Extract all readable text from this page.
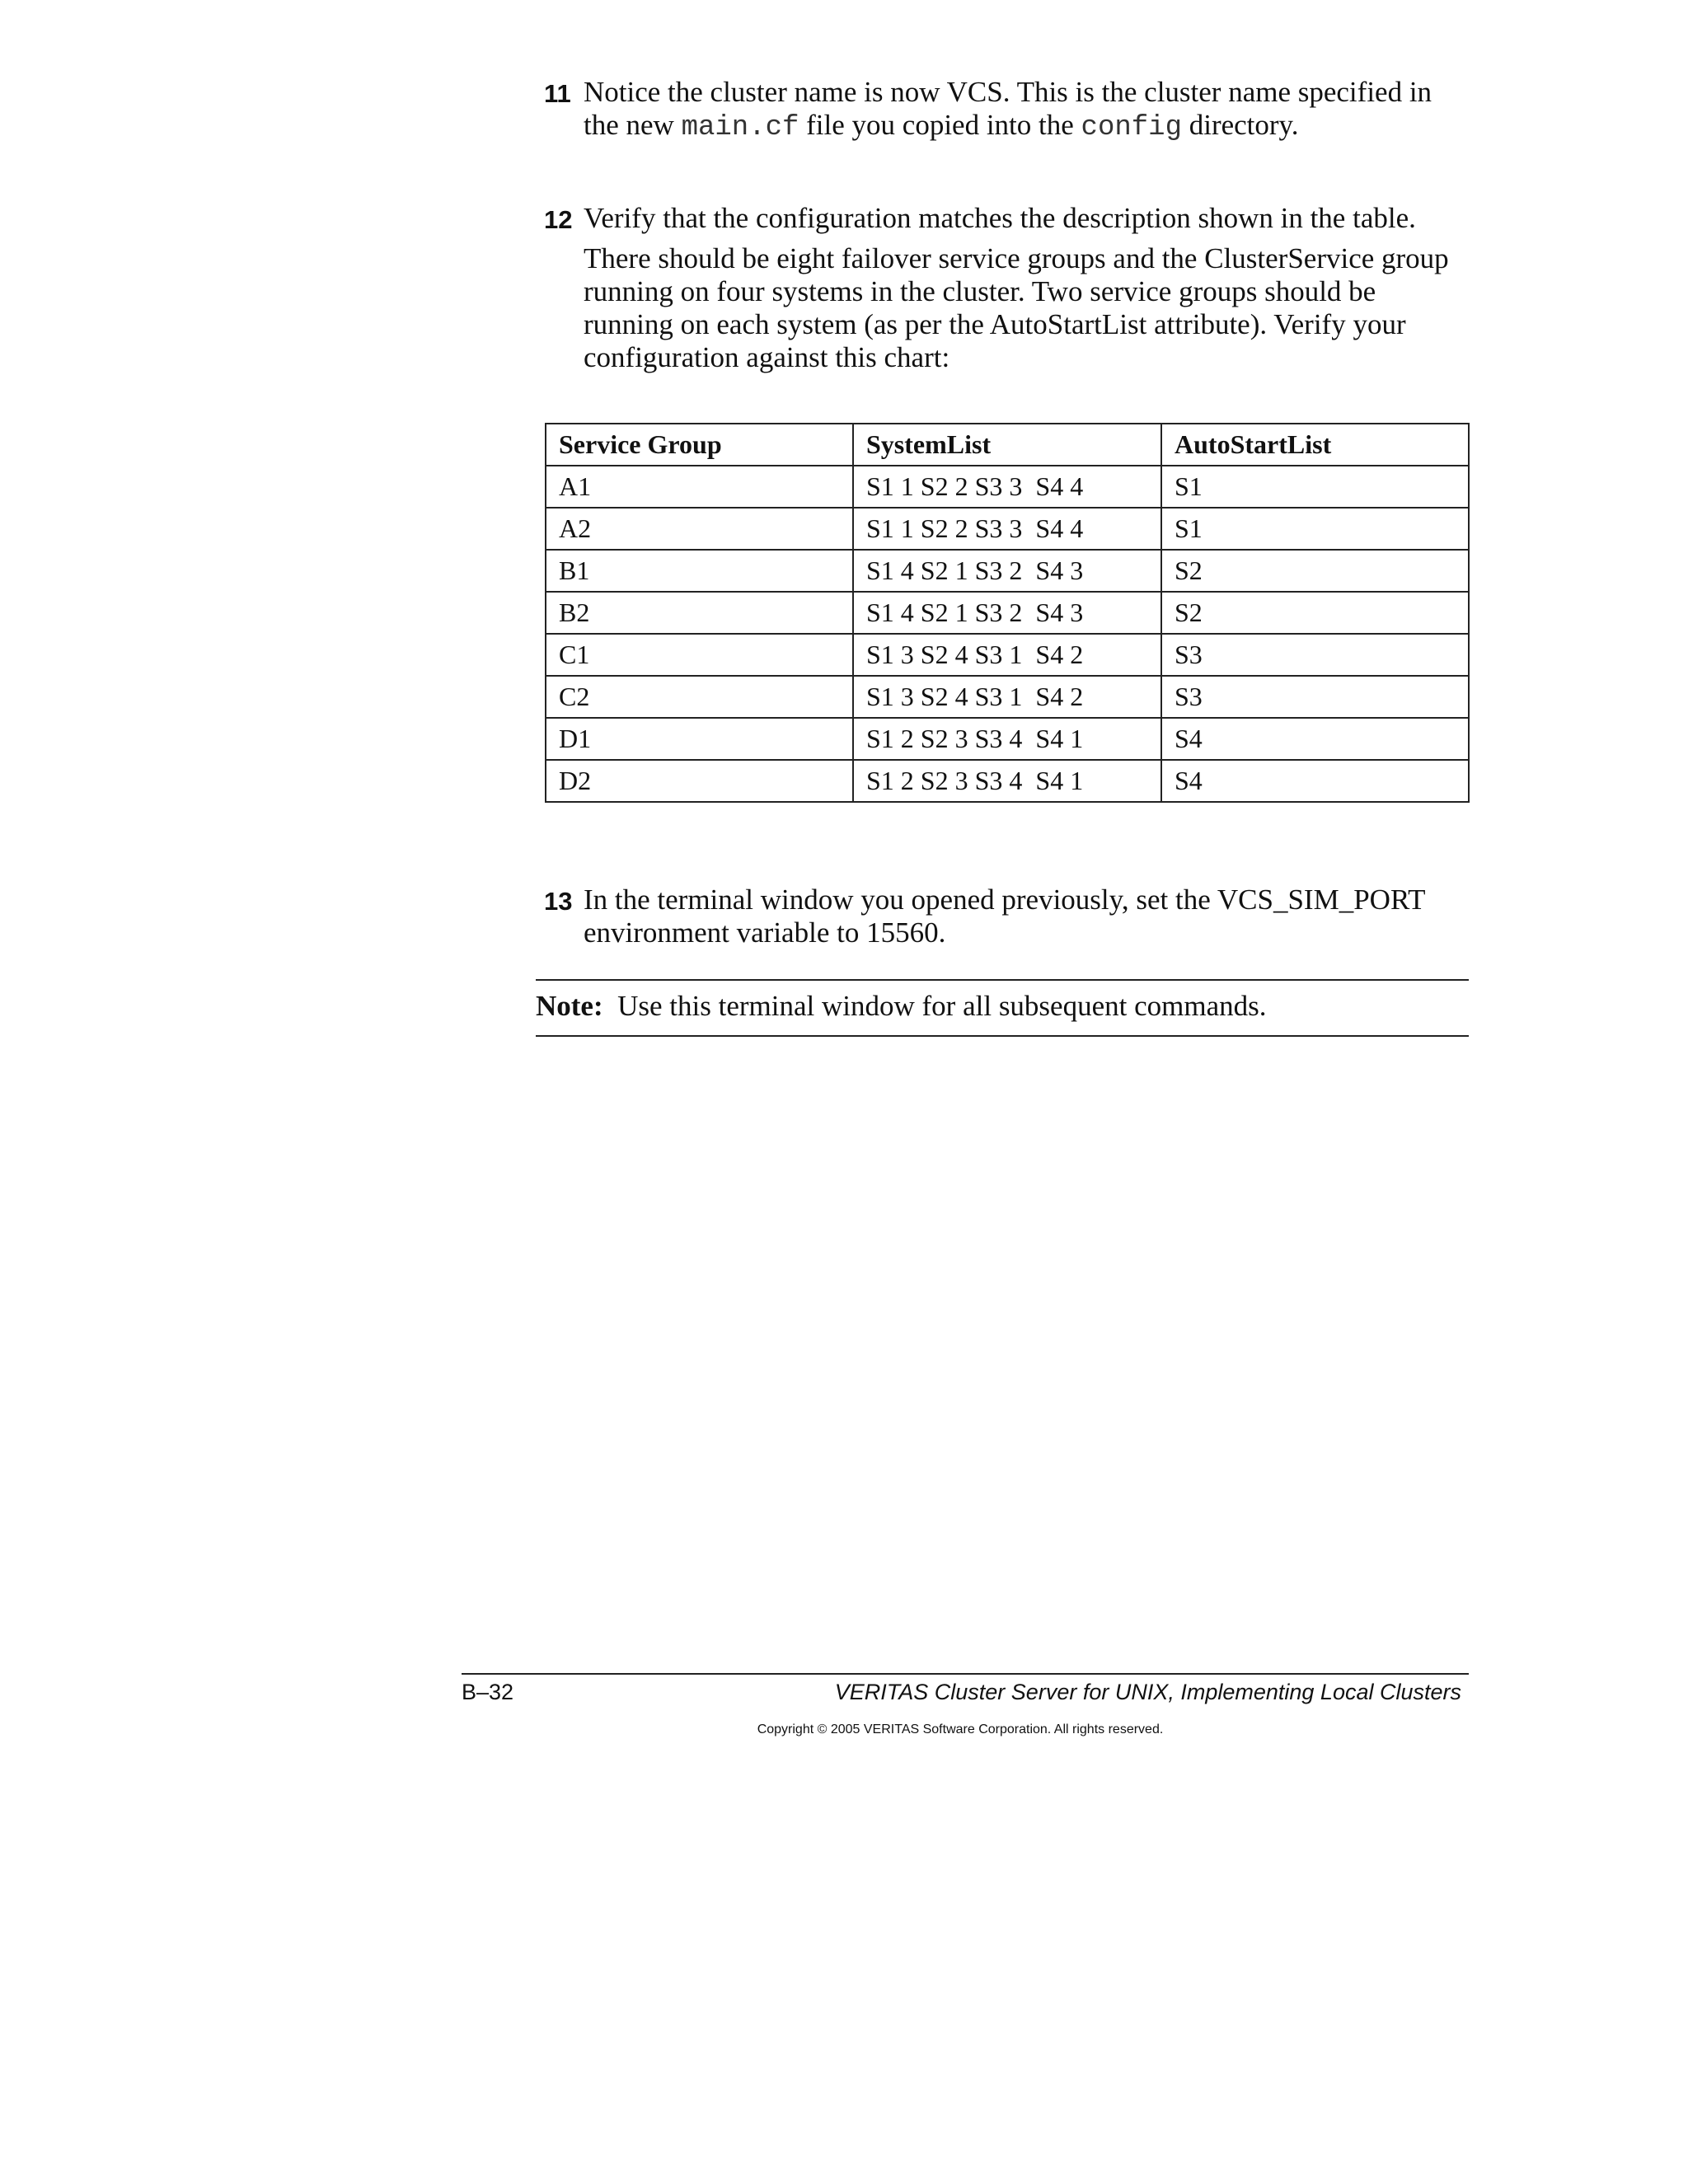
11 Notice the cluster name is now VCS. This is the cluster name specified in the new main.cf file you copied into the config directory.

12 Verify that the configuration matches the description shown in the table.

There should be eight failover service groups and the ClusterService group running on four systems in the cluster. Two service groups should be running on each system (as per the AutoStartList attribute). Verify your configuration against this chart:

Service Group	SystemList	AutoStartList
A1	S1 1 S2 2 S3 3  S4 4	S1
A2	S1 1 S2 2 S3 3  S4 4	S1
B1	S1 4 S2 1 S3 2  S4 3	S2
B2	S1 4 S2 1 S3 2  S4 3	S2
C1	S1 3 S2 4 S3 1  S4 2	S3
C2	S1 3 S2 4 S3 1  S4 2	S3
D1	S1 2 S2 3 S3 4  S4 1	S4
D2	S1 2 S2 3 S3 4  S4 1	S4
13 In the terminal window you opened previously, set the VCS_SIM_PORT environment variable to 15560.

Note: Use this terminal window for all subsequent commands.
B–32	VERITAS Cluster Server for UNIX, Implementing Local Clusters
Copyright © 2005 VERITAS Software Corporation. All rights reserved.
